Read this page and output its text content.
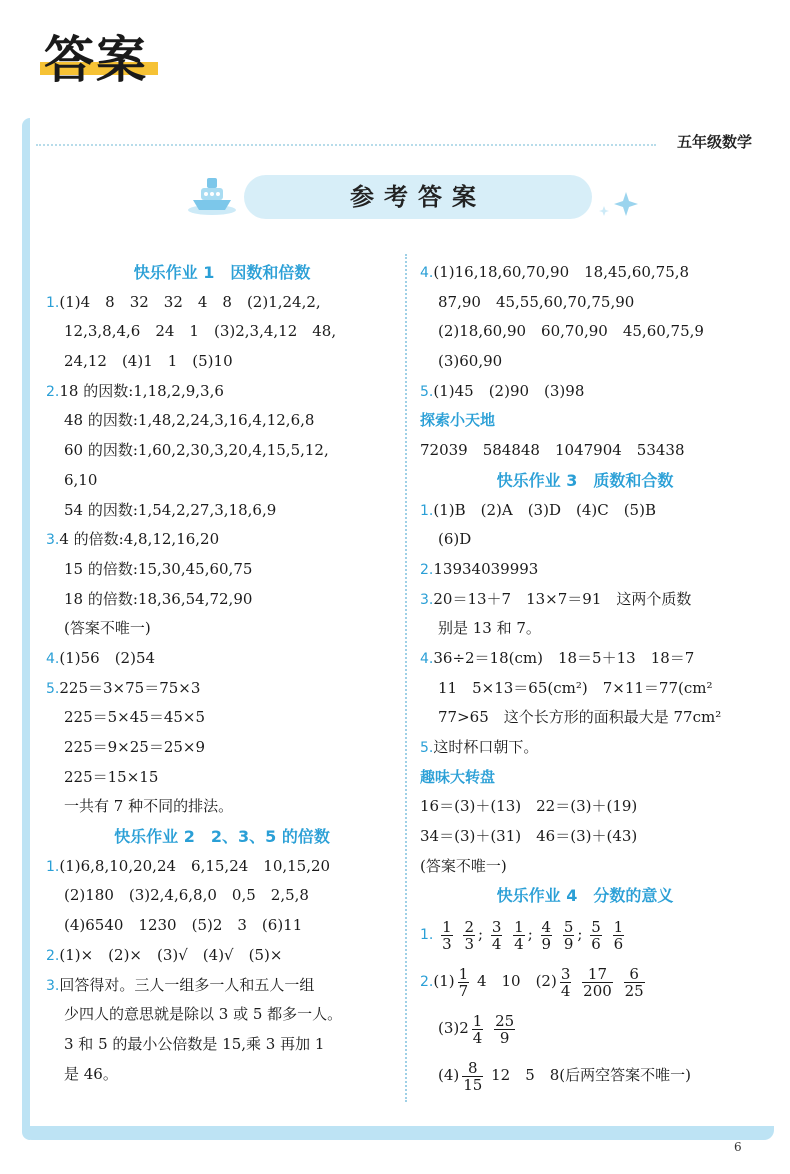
答案
五年级数学
参考答案
快乐作业 1　因数和倍数
1.(1)4　8　32　32　4　8　(2)1,24,2,
12,3,8,4,6　24　1　(3)2,3,4,12　48,
24,12　(4)1　1　(5)10
2.18 的因数:1,18,2,9,3,6
48 的因数:1,48,2,24,3,16,4,12,6,8
60 的因数:1,60,2,30,3,20,4,15,5,12,
6,10
54 的因数:1,54,2,27,3,18,6,9
3.4 的倍数:4,8,12,16,20
15 的倍数:15,30,45,60,75
18 的倍数:18,36,54,72,90
(答案不唯一)
4.(1)56　(2)54
5.225＝3×75＝75×3
225＝5×45＝45×5
225＝9×25＝25×9
225＝15×15
一共有 7 种不同的排法。
快乐作业 2　2、3、5 的倍数
1.(1)6,8,10,20,24　6,15,24　10,15,20
(2)180　(3)2,4,6,8,0　0,5　2,5,8
(4)6540　1230　(5)2　3　(6)11
2.(1)×　(2)×　(3)√　(4)√　(5)×
3.回答得对。三人一组多一人和五人一组
少四人的意思就是除以 3 或 5 都多一人。
3 和 5 的最小公倍数是 15,乘 3 再加 1
是 46。
4.(1)16,18,60,70,90　18,45,60,75,8
87,90　45,55,60,70,75,90
(2)18,60,90　60,70,90　45,60,75,9
(3)60,90
5.(1)45　(2)90　(3)98
探索小天地
72039　584848　1047904　53438
快乐作业 3　质数和合数
1.(1)B　(2)A　(3)D　(4)C　(5)B
(6)D
2.13934039993
3.20＝13＋7　13×7＝91　这两个质数
别是 13 和 7。
4.36÷2＝18(cm)　18＝5＋13　18＝7
11　5×13＝65(cm²)　7×11＝77(cm²
77>65　这个长方形的面积最大是 77cm²
5.这时杯口朝下。
趣味大转盘
16＝(3)＋(13)　22＝(3)＋(19)
34＝(3)＋(31)　46＝(3)＋(43)
(答案不唯一)
快乐作业 4　分数的意义
1. $\frac{1}{3}$
$\frac{2}{3}$ ; $\frac{3}{4}$
$\frac{1}{4}$ ; $\frac{4}{9}$
$\frac{5}{9}$ ; $\frac{5}{6}$
$\frac{1}{6}$
$2.(1) \frac{1}{7} 4$　10　$(2) \frac{3}{4}$
$\frac{17}{200}$
$\frac{6}{25}$
$(3)2 \frac{1}{4}$
$\frac{25}{9}$
$(4) \frac{8}{15} 12$　5　8(后两空答案不唯一)
6
